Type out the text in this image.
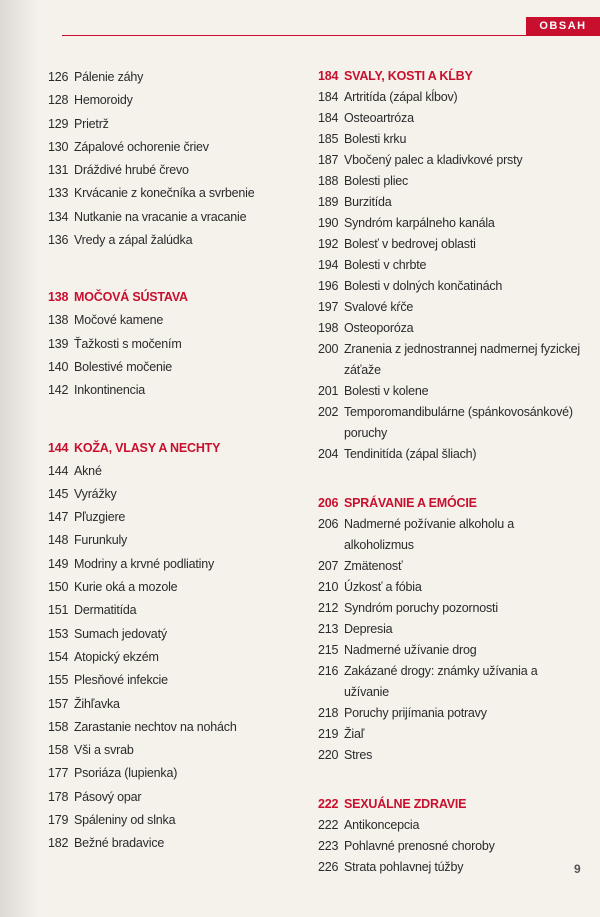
OBSAH
126 Pálenie záhy
128 Hemoroidy
129 Prietrž
130 Zápalové ochorenie čriev
131 Dráždivé hrubé črevo
133 Krvácanie z konečníka a svrbenie
134 Nutkanie na vracanie a vracanie
136 Vredy a zápal žalúdka
138 MOČOVÁ SÚSTAVA
138 Močové kamene
139 Ťažkosti s močením
140 Bolestivé močenie
142 Inkontinencia
144 KOŽA, VLASY A NECHTY
144 Akné
145 Vyrážky
147 Pľuzgiere
148 Furunkuly
149 Modriny a krvné podliatiny
150 Kurie oká a mozole
151 Dermatitída
153 Sumach jedovatý
154 Atopický ekzém
155 Plesňové infekcie
157 Žihľavka
158 Zarastanie nechtov na nohách
158 Vši a svrab
177 Psoriáza (lupienka)
178 Pásový opar
179 Spáleniny od slnka
182 Bežné bradavice
184 SVALY, KOSTI A KĹBY
184 Artritída (zápal kĺbov)
184 Osteoartróza
185 Bolesti krku
187 Vbočený palec a kladivkové prsty
188 Bolesti pliec
189 Burzitída
190 Syndróm karpálneho kanála
192 Bolesť v bedrovej oblasti
194 Bolesti v chrbte
196 Bolesti v dolných končatinách
197 Svalové kŕče
198 Osteoporóza
200 Zranenia z jednostrannej nadmernej fyzickej záťaže
201 Bolesti v kolene
202 Temporomandibulárne (spánkovosánkové) poruchy
204 Tendinitída (zápal šliach)
206 SPRÁVANIE A EMÓCIE
206 Nadmerné požívanie alkoholu a alkoholizmus
207 Zmätenosť
210 Úzkosť a fóbia
212 Syndróm poruchy pozornosti
213 Depresia
215 Nadmerné užívanie drog
216 Zakázané drogy: známky užívania a užívanie
218 Poruchy prijímania potravy
219 Žiaľ
220 Stres
222 SEXUÁLNE ZDRAVIE
222 Antikoncepcia
223 Pohlavné prenosné choroby
226 Strata pohlavnej túžby	9
